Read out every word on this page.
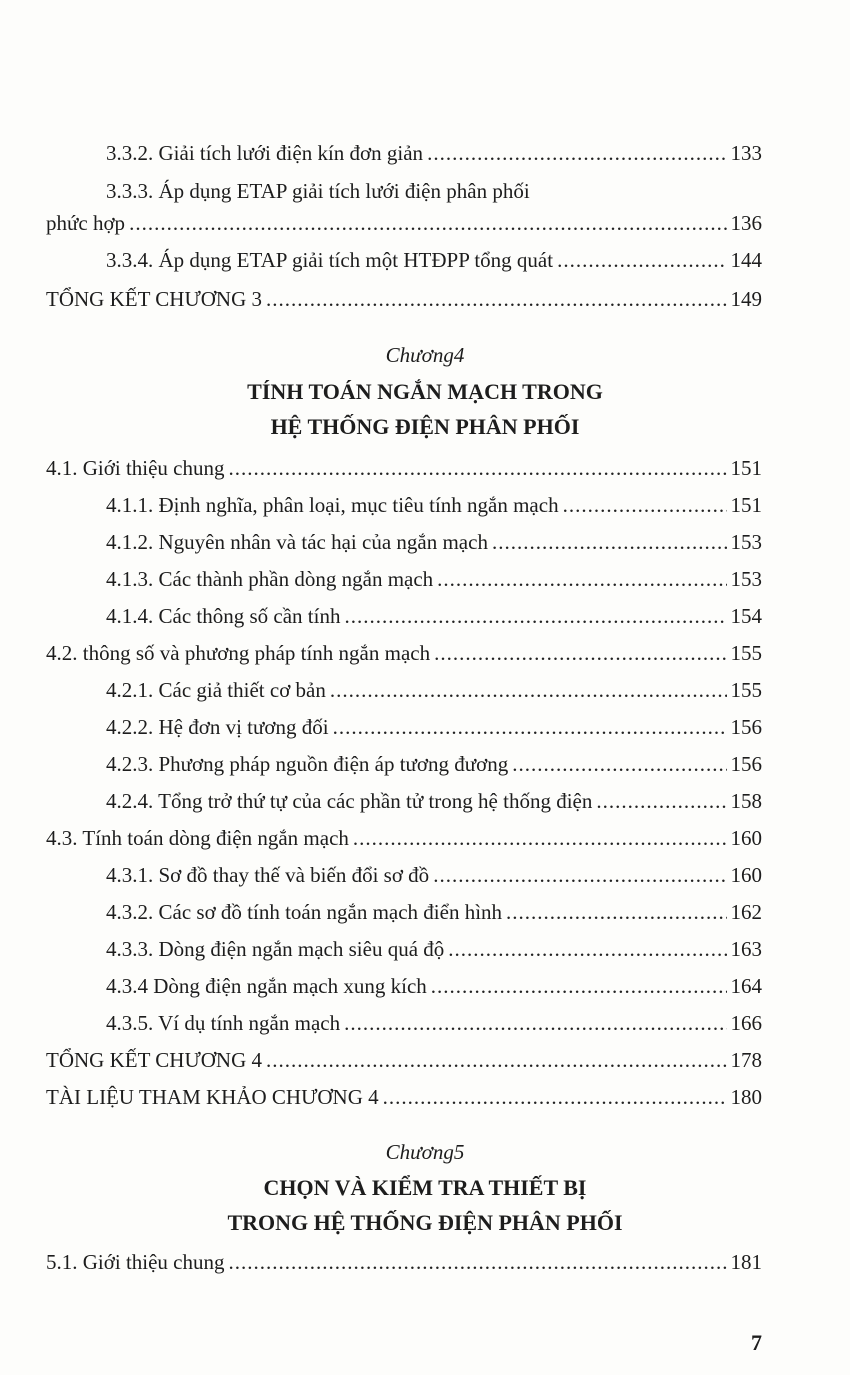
3.3.2. Giải tích lưới điện kín đơn giản .....	133
3.3.3. Áp dụng ETAP giải tích lưới điện phân phối
phức hợp .....	136
3.3.4. Áp dụng ETAP giải tích một HTĐPP tổng quát .....	144
TỔNG KẾT CHƯƠNG 3 .....	149
Chương4
TÍNH TOÁN NGẮN MẠCH TRONG
HỆ THỐNG ĐIỆN PHÂN PHỐI
4.1. Giới thiệu chung .....	151
4.1.1. Định nghĩa, phân loại, mục tiêu tính ngắn mạch .....	151
4.1.2. Nguyên nhân và tác hại của ngắn mạch .....	153
4.1.3. Các thành phần dòng ngắn mạch .....	153
4.1.4. Các thông số cần tính .....	154
4.2. thông số và phương pháp tính ngắn mạch .....	155
4.2.1. Các giả thiết cơ bản .....	155
4.2.2. Hệ đơn vị tương đối .....	156
4.2.3. Phương pháp nguồn điện áp tương đương .....	156
4.2.4. Tổng trở thứ tự của các phần tử trong hệ thống điện .....	158
4.3. Tính toán dòng điện ngắn mạch .....	160
4.3.1. Sơ đồ thay thế và biến đổi sơ đồ .....	160
4.3.2. Các sơ đồ tính toán ngắn mạch điển hình .....	162
4.3.3. Dòng điện ngắn mạch siêu quá độ .....	163
4.3.4 Dòng điện ngắn mạch xung kích .....	164
4.3.5. Ví dụ tính ngắn mạch .....	166
TỔNG KẾT CHƯƠNG 4 .....	178
TÀI LIỆU THAM KHẢO CHƯƠNG 4 .....	180
Chương5
CHỌN VÀ KIỂM TRA THIẾT BỊ
TRONG HỆ THỐNG ĐIỆN PHÂN PHỐI
5.1. Giới thiệu chung .....	181
7
